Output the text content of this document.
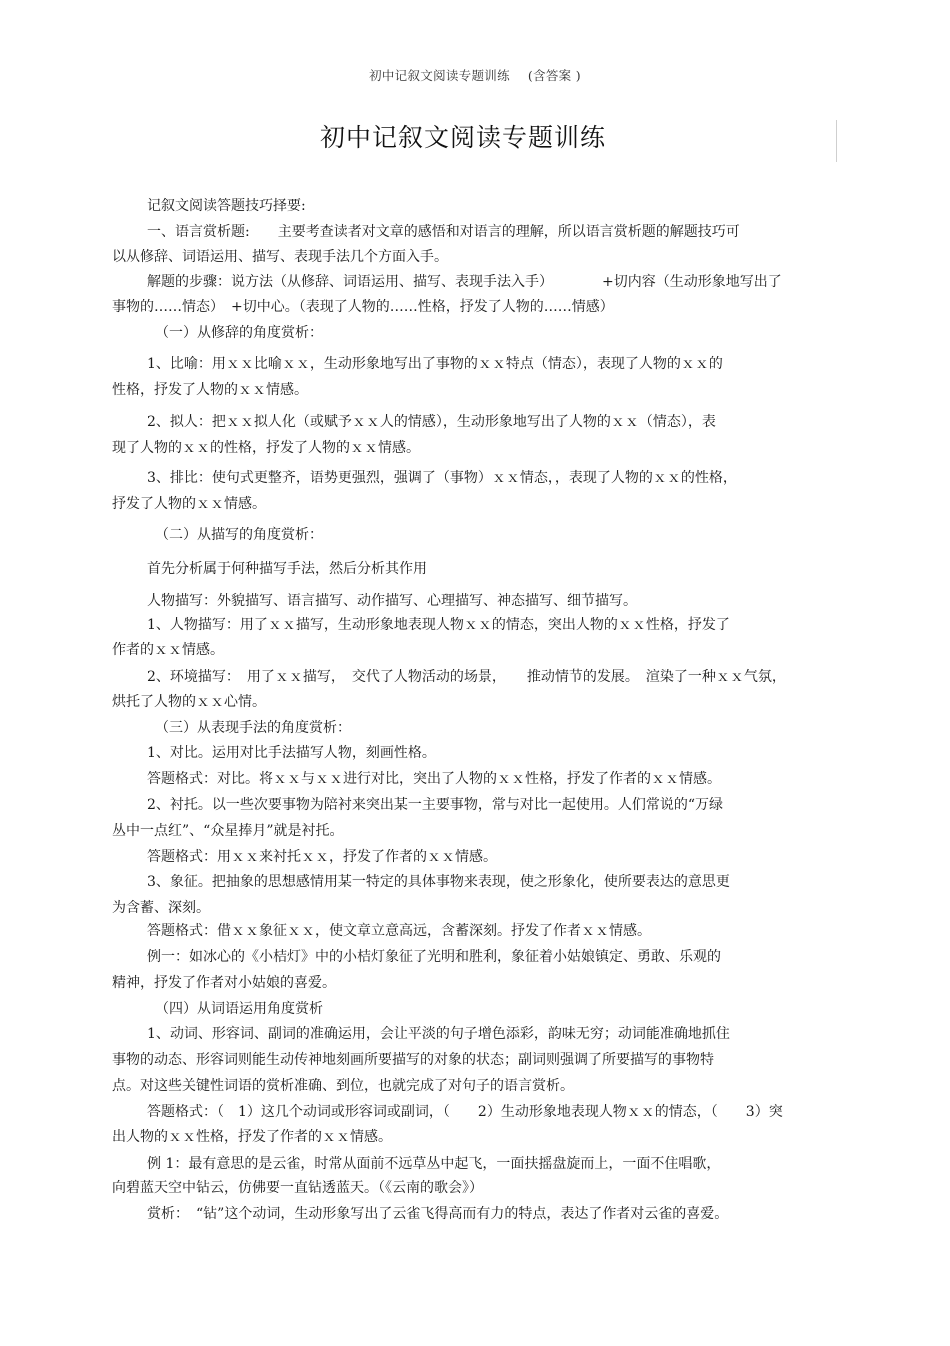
初中记叙文阅读专题训练 (含答案 )
初中记叙文阅读专题训练
记叙文阅读答题技巧择要:
一、语言赏析题:　　主要考查读者对文章的感悟和对语言的理解，所以语言赏析题的解题技巧可
以从修辞、词语运用、描写、表现手法几个方面入手。
解题的步骤：说方法（从修辞、词语运用、描写、表现手法入手）　　　　+切内容（生动形象地写出了
事物的……情态）　+切中心。（表现了人物的……性格，抒发了人物的……情感）
（一）从修辞的角度赏析：
1、比喻：用ｘｘ比喻ｘｘ，生动形象地写出了事物的ｘｘ特点（情态），表现了人物的ｘｘ的
性格，抒发了人物的ｘｘ情感。
2、拟人：把ｘｘ拟人化（或赋予ｘｘ人的情感），生动形象地写出了人物的ｘｘ（情态），表
现了人物的ｘｘ的性格，抒发了人物的ｘｘ情感。
3、排比：使句式更整齐，语势更强烈，强调了（事物）ｘｘ情态，，表现了人物的ｘｘ的性格，
抒发了人物的ｘｘ情感。
（二）从描写的角度赏析：
首先分析属于何种描写手法，然后分析其作用
人物描写：外貌描写、语言描写、动作描写、心理描写、神态描写、细节描写。
1、人物描写：用了ｘｘ描写，生动形象地表现人物ｘｘ的情态，突出人物的ｘｘ性格，抒发了
作者的ｘｘ情感。
2、环境描写：　用了ｘｘ描写，　交代了人物活动的场景，　　推动情节的发展。　渲染了一种ｘｘ气氛，
烘托了人物的ｘｘ心情。
（三）从表现手法的角度赏析：
1、对比。运用对比手法描写人物，刻画性格。
答题格式：对比。将ｘｘ与ｘｘ进行对比，突出了人物的ｘｘ性格，抒发了作者的ｘｘ情感。
2、衬托。以一些次要事物为陪衬来突出某一主要事物，常与对比一起使用。人们常说的“万绿
丛中一点红”、“众星捧月”就是衬托。
答题格式：用ｘｘ来衬托ｘｘ，抒发了作者的ｘｘ情感。
3、象征。把抽象的思想感情用某一特定的具体事物来表现，使之形象化，使所要表达的意思更
为含蓄、深刻。
答题格式：借ｘｘ象征ｘｘ，使文章立意高远，含蓄深刻。抒发了作者ｘｘ情感。
例一：如冰心的《小桔灯》中的小桔灯象征了光明和胜利，象征着小姑娘镇定、勇敢、乐观的
精神，抒发了作者对小姑娘的喜爱。
（四）从词语运用角度赏析
1、动词、形容词、副词的准确运用，会让平淡的句子增色添彩，韵味无穷；动词能准确地抓住
事物的动态、形容词则能生动传神地刻画所要描写的对象的状态；副词则强调了所要描写的事物特
点。对这些关键性词语的赏析准确、到位，也就完成了对句子的语言赏析。
答题格式：（　1）这几个动词或形容词或副词，（　　2）生动形象地表现人物ｘｘ的情态，（　　3）突
出人物的ｘｘ性格，抒发了作者的ｘｘ情感。
例 1：最有意思的是云雀，时常从面前不远草丛中起飞，一面扶摇盘旋而上，一面不住唱歌，
向碧蓝天空中钻云，仿佛要一直钻透蓝天。（《云南的歌会》）
赏析：　“钻”这个动词，生动形象写出了云雀飞得高而有力的特点，表达了作者对云雀的喜爱。
